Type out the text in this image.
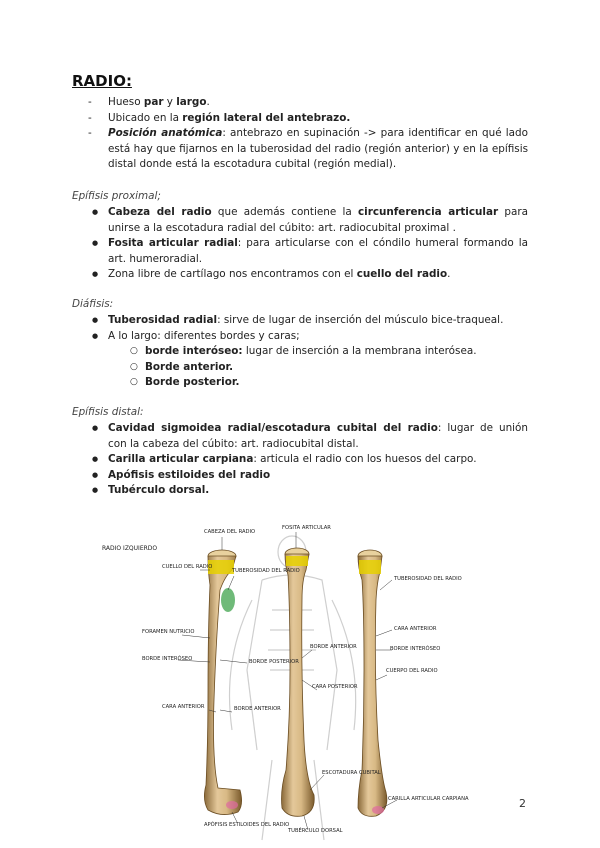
RADIO:
- Hueso par y largo.
- Ubicado en la región lateral del antebrazo.
- Posición anatómica: antebrazo en supinación -> para identificar en qué lado está hay que fijarnos en la tuberosidad del radio (región anterior) y en la epífisis distal donde está la escotadura cubital (región medial).
Epífisis proximal;
● Cabeza del radio que además contiene la circunferencia articular para unirse a la escotadura radial del cúbito: art. radiocubital proximal .
● Fosita articular radial: para articularse con el cóndilo humeral formando la art. humeroradial.
● Zona libre de cartílago nos encontramos con el cuello del radio.
Diáfisis:
● Tuberosidad radial: sirve de lugar de inserción del músculo bice-traqueal.
● A lo largo: diferentes bordes y caras;
○ borde interóseo: lugar de inserción a la membrana interósea.
○ Borde anterior.
○ Borde posterior.
Epífisis distal:
● Cavidad sigmoidea radial/escotadura cubital del radio: lugar de unión con la cabeza del cúbito: art. radiocubital distal.
● Carilla articular carpiana: articula el radio con los huesos del carpo.
● Apófisis estiloides del radio
● Tubérculo dorsal.
RADIO IZQUIERDO
CABEZA DEL RADIO
FOSITA ARTICULAR
CUELLO DEL RADIO
TUBEROSIDAD DEL RADIO
FORAMEN NUTRICIO
BORDE INTERÓSEO	BORDE POSTERIOR
BORDE ANTERIOR
CARA ANTERIOR
BORDE ANTERIOR
CARA POSTERIOR
ESCOTADURA CUBITAL
TUBÉRCULO DORSAL
APÓFISIS ESTILOIDES DEL RADIO
TUBEROSIDAD DEL RADIO
CARA ANTERIOR
BORDE INTERÓSEO
CUERPO DEL RADIO
CARILLA ARTICULAR CARPIANA	2
